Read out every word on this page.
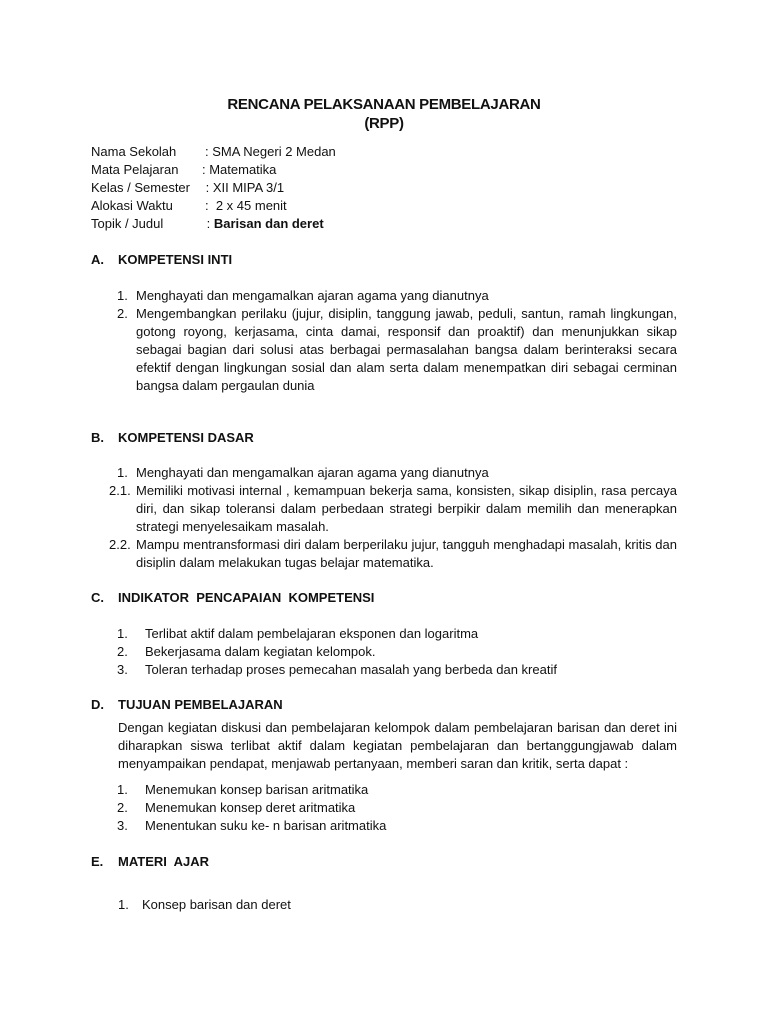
RENCANA PELAKSANAAN PEMBELAJARAN
(RPP)
Nama Sekolah : SMA Negeri 2 Medan
Mata Pelajaran : Matematika
Kelas / Semester : XII MIPA 3/1
Alokasi Waktu :  2 x 45 menit
Topik / Judul	: Barisan dan deret
A. KOMPETENSI INTI
1. Menghayati dan mengamalkan ajaran agama yang dianutnya
2. Mengembangkan perilaku (jujur, disiplin, tanggung jawab, peduli, santun, ramah lingkungan, gotong royong, kerjasama, cinta damai, responsif dan proaktif) dan menunjukkan sikap sebagai bagian dari solusi atas berbagai permasalahan bangsa dalam berinteraksi secara efektif dengan lingkungan sosial dan alam serta dalam menempatkan diri sebagai cerminan bangsa dalam pergaulan dunia
B. KOMPETENSI DASAR
1. Menghayati dan mengamalkan ajaran agama yang dianutnya
2.1. Memiliki motivasi internal , kemampuan bekerja sama, konsisten, sikap disiplin, rasa percaya diri, dan sikap toleransi dalam perbedaan strategi berpikir dalam memilih dan menerapkan strategi menyelesaikam masalah.
2.2. Mampu mentransformasi diri dalam berperilaku jujur, tangguh menghadapi masalah, kritis dan disiplin dalam melakukan tugas belajar matematika.
C. INDIKATOR  PENCAPAIAN  KOMPETENSI
1.	Terlibat aktif dalam pembelajaran eksponen dan logaritma
2.	Bekerjasama dalam kegiatan kelompok.
3.	Toleran terhadap proses pemecahan masalah yang berbeda dan kreatif
D. TUJUAN PEMBELAJARAN

Dengan kegiatan diskusi dan pembelajaran kelompok dalam pembelajaran barisan dan deret ini diharapkan siswa terlibat aktif dalam kegiatan pembelajaran dan bertanggungjawab dalam menyampaikan pendapat, menjawab pertanyaan, memberi saran dan kritik, serta dapat :

1.	Menemukan konsep barisan aritmatika
2.	Menemukan konsep deret aritmatika
3.	Menentukan suku ke- n barisan aritmatika
E. MATERI  AJAR
1.	Konsep barisan dan deret
